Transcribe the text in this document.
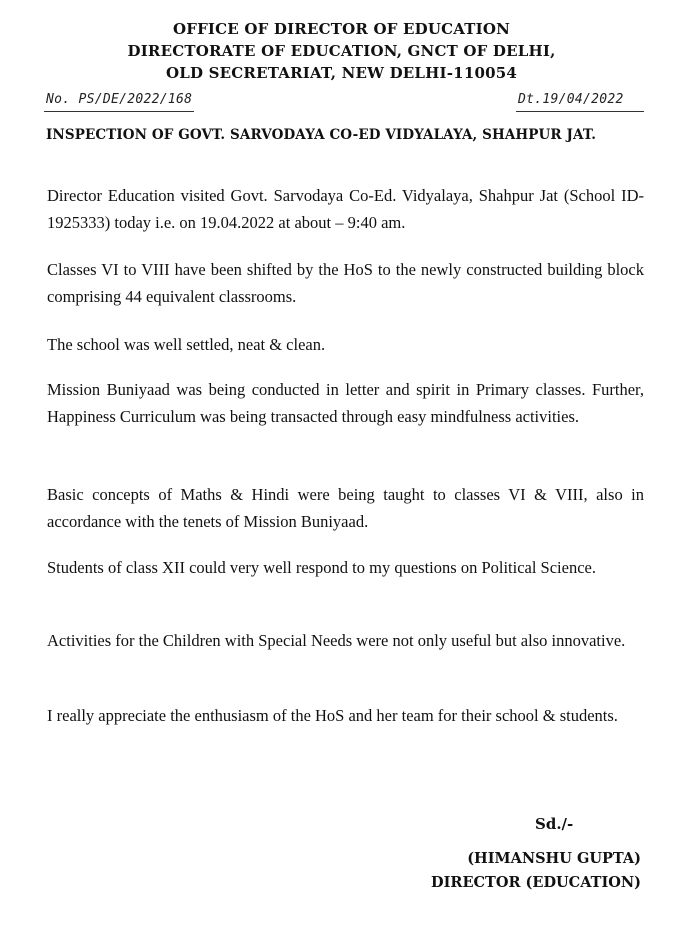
OFFICE OF DIRECTOR OF EDUCATION
DIRECTORATE OF EDUCATION, GNCT OF DELHI,
OLD SECRETARIAT, NEW DELHI-110054
No. PS/DE/2022/168	Dt.19/04/2022
INSPECTION OF GOVT. SARVODAYA CO-ED VIDYALAYA, SHAHPUR JAT.

Director Education visited Govt. Sarvodaya Co-Ed. Vidyalaya, Shahpur Jat (School ID-1925333) today i.e. on 19.04.2022 at about – 9:40 am.

Classes VI to VIII have been shifted by the HoS to the newly constructed building block comprising 44 equivalent classrooms.

The school was well settled, neat & clean.

Mission Buniyaad was being conducted in letter and spirit in Primary classes. Further, Happiness Curriculum was being transacted through easy mindfulness activities.

Basic concepts of Maths & Hindi were being taught to classes VI & VIII, also in accordance with the tenets of Mission Buniyaad.

Students of class XII could very well respond to my questions on Political Science.

Activities for the Children with Special Needs were not only useful but also innovative.

I really appreciate the enthusiasm of the HoS and her team for their school & students.

Sd./-
(HIMANSHU GUPTA)
DIRECTOR (EDUCATION)
